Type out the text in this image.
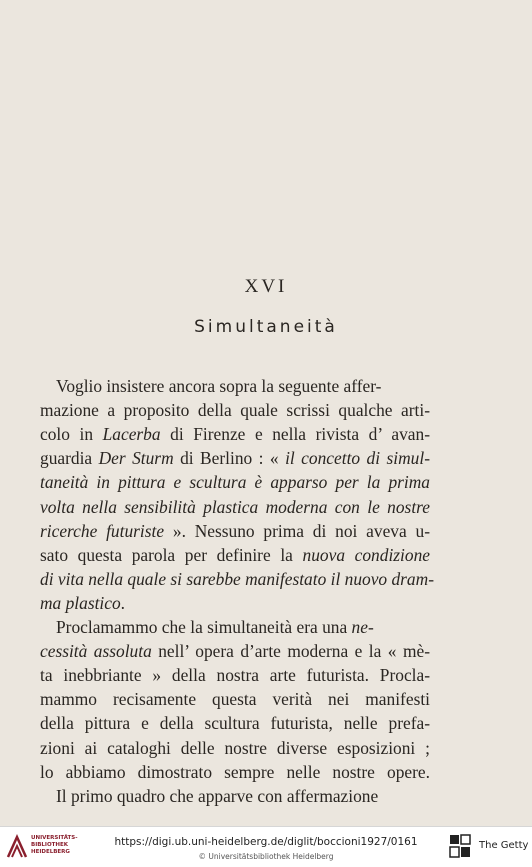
XVI
Simultaneità
Voglio insistere ancora sopra la seguente affer-
mazione a proposito della quale scrissi qualche arti-
colo in Lacerba di Firenze e nella rivista d’ avan-
guardia Der Sturm di Berlino : « il concetto di simul-
taneità in pittura e scultura è apparso per la prima
volta nella sensibilità plastica moderna con le nostre
ricerche futuriste ». Nessuno prima di noi aveva u-
sato questa parola per definire la nuova condizione
di vita nella quale si sarebbe manifestato il nuovo dram-
ma plastico.
Proclamammo che la simultaneità era una ne-
cessità assoluta nell’ opera d’arte moderna e la « mè-
ta inebbriante » della nostra arte futurista. Procla-
mammo recisamente questa verità nei manifesti
della pittura e della scultura futurista, nelle prefa-
zioni ai cataloghi delle nostre diverse esposizioni ;
lo abbiamo dimostrato sempre nelle nostre opere.
Il primo quadro che apparve con affermazione
UNIVERSITÄTS-
BIBLIOTHEK
HEIDELBERG
https://digi.ub.uni-heidelberg.de/diglit/boccioni1927/0161
© Universitätsbibliothek Heidelberg
The Getty
